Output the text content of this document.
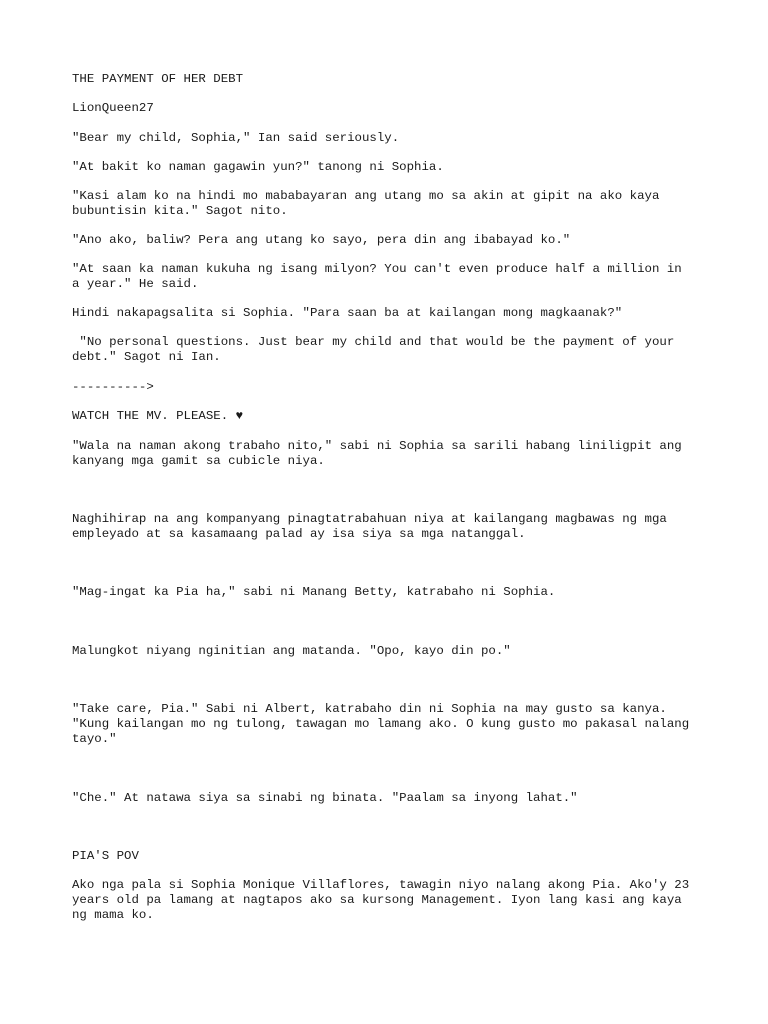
THE PAYMENT OF HER DEBT
LionQueen27
"Bear my child, Sophia," Ian said seriously.
"At bakit ko naman gagawin yun?" tanong ni Sophia.
"Kasi alam ko na hindi mo mababayaran ang utang mo sa akin at gipit na ako kaya
bubuntisin kita." Sagot nito.
"Ano ako, baliw? Pera ang utang ko sayo, pera din ang ibabayad ko."
"At saan ka naman kukuha ng isang milyon? You can't even produce half a million in
a year." He said.
Hindi nakapagsalita si Sophia. "Para saan ba at kailangan mong magkaanak?"
"No personal questions. Just bear my child and that would be the payment of your
debt." Sagot ni Ian.
---------->
WATCH THE MV. PLEASE. ♥
"Wala na naman akong trabaho nito," sabi ni Sophia sa sarili habang liniligpit ang
kanyang mga gamit sa cubicle niya.
Naghihirap na ang kompanyang pinagtatrabahuan niya at kailangang magbawas ng mga
empleyado at sa kasamaang palad ay isa siya sa mga natanggal.
"Mag-ingat ka Pia ha," sabi ni Manang Betty, katrabaho ni Sophia.
Malungkot niyang nginitian ang matanda. "Opo, kayo din po."
"Take care, Pia." Sabi ni Albert, katrabaho din ni Sophia na may gusto sa kanya.
"Kung kailangan mo ng tulong, tawagan mo lamang ako. O kung gusto mo pakasal nalang
tayo."
"Che." At natawa siya sa sinabi ng binata. "Paalam sa inyong lahat."
PIA'S POV
Ako nga pala si Sophia Monique Villaflores, tawagin niyo nalang akong Pia. Ako'y 23
years old pa lamang at nagtapos ako sa kursong Management. Iyon lang kasi ang kaya
ng mama ko.
